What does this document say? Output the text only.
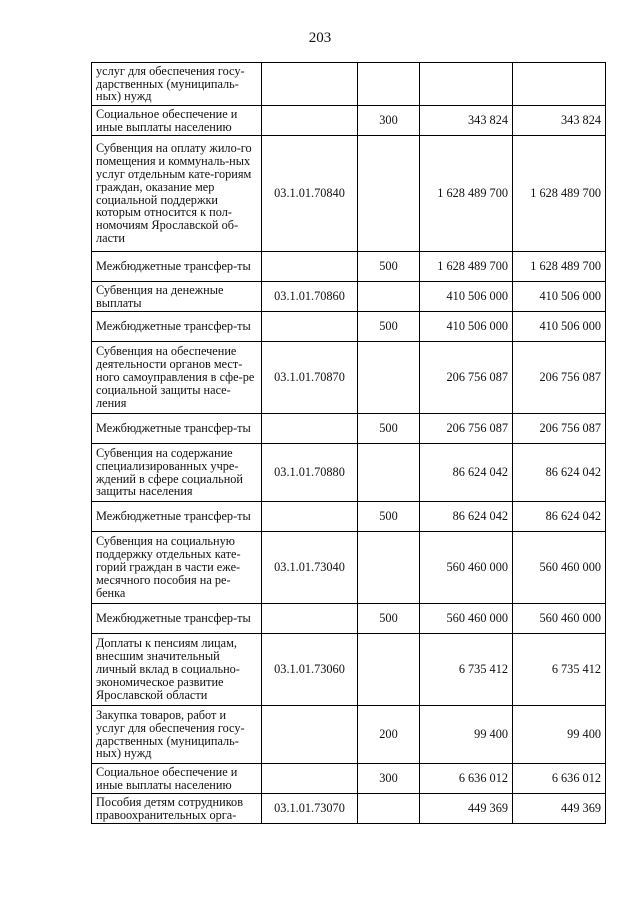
203
услуг для обеспечения госу-дарственных (муниципаль-ных) нужд				
Социальное обеспечение и иные выплаты населению		300	343 824	343 824
Субвенция на оплату жило-го помещения и коммуналь-ных услуг отдельным кате-гориям граждан, оказание мер социальной поддержки которым относится к пол-номочиям Ярославской об-ласти	03.1.01.70840		1 628 489 700	1 628 489 700
Межбюджетные трансфер-ты		500	1 628 489 700	1 628 489 700
Субвенция на денежные выплаты	03.1.01.70860		410 506 000	410 506 000
Межбюджетные трансфер-ты		500	410 506 000	410 506 000
Субвенция на обеспечение деятельности органов мест-ного самоуправления в сфе-ре социальной защиты насе-ления	03.1.01.70870		206 756 087	206 756 087
Межбюджетные трансфер-ты		500	206 756 087	206 756 087
Субвенция на содержание специализированных учре-ждений в сфере социальной защиты населения	03.1.01.70880		86 624 042	86 624 042
Межбюджетные трансфер-ты		500	86 624 042	86 624 042
Субвенция на социальную поддержку отдельных кате-горий граждан в части еже-месячного пособия на ре-бенка	03.1.01.73040		560 460 000	560 460 000
Межбюджетные трансфер-ты		500	560 460 000	560 460 000
Доплаты к пенсиям лицам, внесшим значительный личный вклад в социально-экономическое развитие Ярославской области	03.1.01.73060		6 735 412	6 735 412
Закупка товаров, работ и услуг для обеспечения госу-дарственных (муниципаль-ных) нужд		200	99 400	99 400
Социальное обеспечение и иные выплаты населению		300	6 636 012	6 636 012
Пособия детям сотрудников правоохранительных орга-	03.1.01.73070		449 369	449 369
